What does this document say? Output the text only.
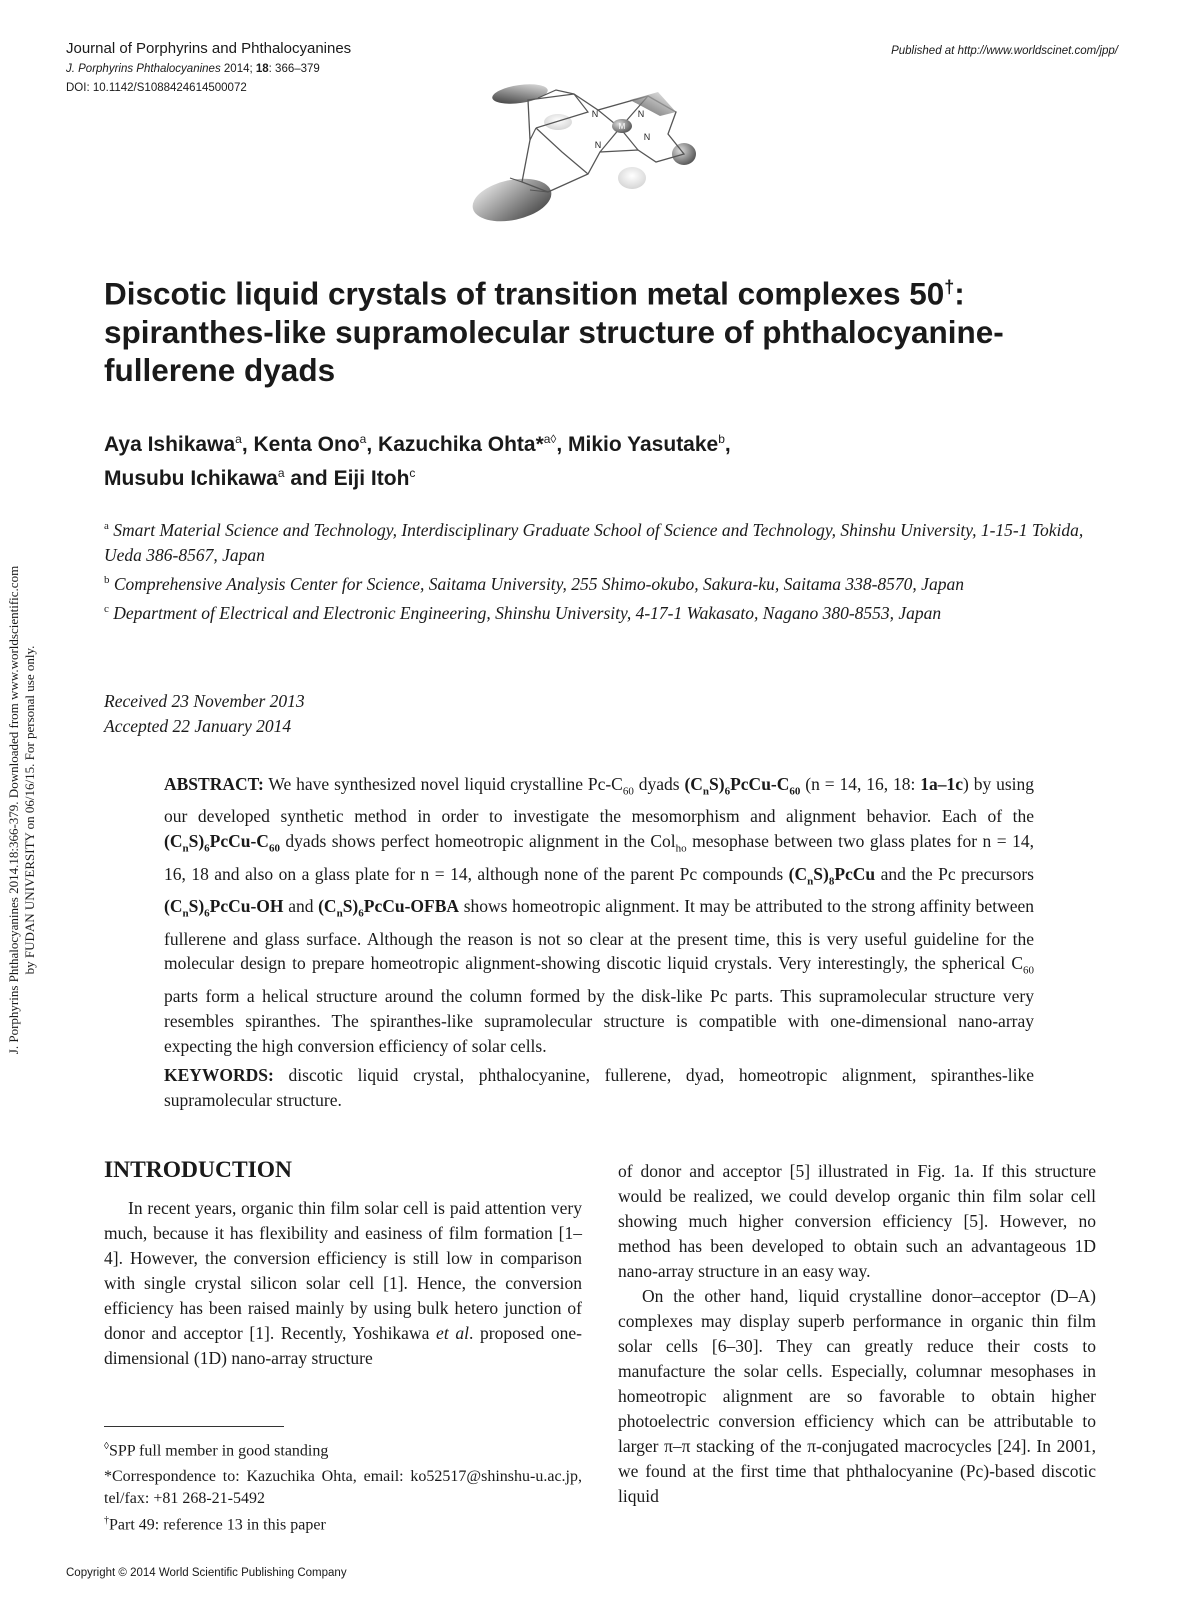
Journal of Porphyrins and Phthalocyanines
J. Porphyrins Phthalocyanines 2014; 18: 366–379
DOI: 10.1142/S1088424614500072
Published at http://www.worldscinet.com/jpp/
M
N	N
N
N
J. Porphyrins Phthalocyanines 2014.18:366-379. Downloaded from www.worldscientific.com by FUDAN UNIVERSITY on 06/16/15. For personal use only.
Discotic liquid crystals of transition metal complexes 50†: spiranthes-like supramolecular structure of phthalocyanine-fullerene dyads
Aya Ishikawa$^a$, Kenta Ono$^a$, Kazuchika Ohta*$^{a◊}$, Mikio Yasutake$^b$,
Musubu Ichikawa$^a$ and Eiji Itoh$^c$
$^a$ Smart Material Science and Technology, Interdisciplinary Graduate School of Science and Technology, Shinshu University, 1-15-1 Tokida, Ueda 386-8567, Japan
$^b$ Comprehensive Analysis Center for Science, Saitama University, 255 Shimo-okubo, Sakura-ku, Saitama 338-8570, Japan
$^c$ Department of Electrical and Electronic Engineering, Shinshu University, 4-17-1 Wakasato, Nagano 380-8553, Japan
Received 23 November 2013
Accepted 22 January 2014

ABSTRACT: We have synthesized novel liquid crystalline $Pc-C_{60}$ dyads $(C_nS)_6PcCu-C_{60}$ (n = 14, 16, 18: 1a–1c) by using our developed synthetic method in order to investigate the mesomorphism and alignment behavior. Each of the $(C_nS)_6PcCu-C_{60}$ dyads shows perfect homeotropic alignment in the Col$_{ho}$ mesophase between two glass plates for n = 14, 16, 18 and also on a glass plate for n = 14, although none of the parent Pc compounds $(C_nS)_8PcCu$ and the Pc precursors $(C_nS)_6PcCu-OH$ and $(C_nS)_6PcCu$-OFBA shows homeotropic alignment. It may be attributed to the strong affinity between fullerene and glass surface. Although the reason is not so clear at the present time, this is very useful guideline for the molecular design to prepare homeotropic alignment-showing discotic liquid crystals. Very interestingly, the spherical $C_{60}$ parts form a helical structure around the column formed by the disk-like Pc parts. This supramolecular structure very resembles spiranthes. The spiranthes-like supramolecular structure is compatible with one-dimensional nano-array expecting the high conversion efficiency of solar cells.

KEYWORDS: discotic liquid crystal, phthalocyanine, fullerene, dyad, homeotropic alignment, spiranthes-like supramolecular structure.

INTRODUCTION

In recent years, organic thin film solar cell is paid attention very much, because it has flexibility and easiness of film formation [1–4]. However, the conversion efficiency is still low in comparison with single crystal silicon solar cell [1]. Hence, the conversion efficiency has been raised mainly by using bulk hetero junction of donor and acceptor [1]. Recently, Yoshikawa et al. proposed one-dimensional (1D) nano-array structure

of donor and acceptor [5] illustrated in Fig. 1a. If this structure would be realized, we could develop organic thin film solar cell showing much higher conversion efficiency [5]. However, no method has been developed to obtain such an advantageous 1D nano-array structure in an easy way.

On the other hand, liquid crystalline donor–acceptor (D–A) complexes may display superb performance in organic thin film solar cells [6–30]. They can greatly reduce their costs to manufacture the solar cells. Especially, columnar mesophases in homeotropic alignment are so favorable to obtain higher photoelectric conversion efficiency which can be attributable to larger π–π stacking of the π-conjugated macrocycles [24]. In 2001, we found at the first time that phthalocyanine (Pc)-based discotic liquid

◊SPP full member in good standing
*Correspondence to: Kazuchika Ohta, email: ko52517@shinshu-u.ac.jp, tel/fax: +81 268-21-5492
†Part 49: reference 13 in this paper
Copyright © 2014 World Scientific Publishing Company
